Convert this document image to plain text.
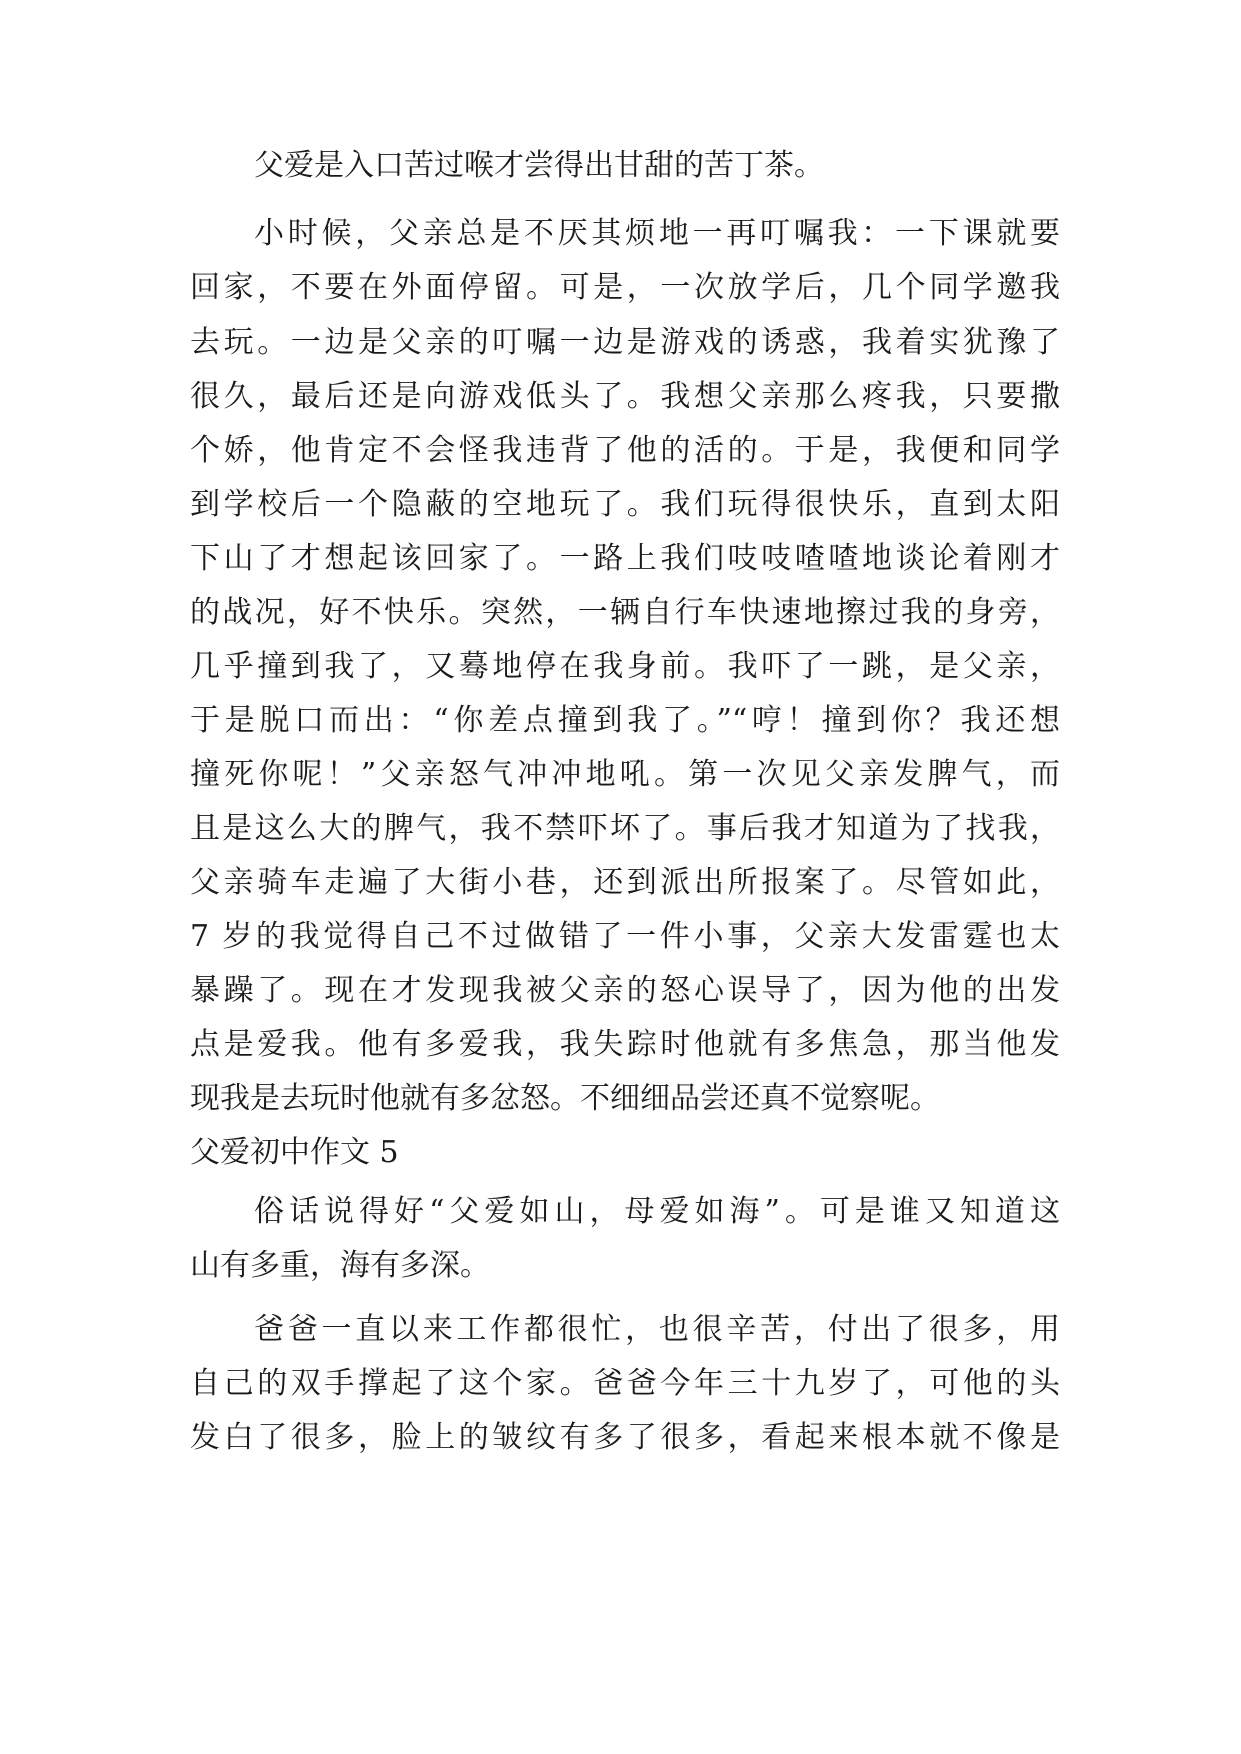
父爱是入口苦过喉才尝得出甘甜的苦丁茶。
小时候，父亲总是不厌其烦地一再叮嘱我：一下课就要
回家，不要在外面停留。可是，一次放学后，几个同学邀我
去玩。一边是父亲的叮嘱一边是游戏的诱惑，我着实犹豫了
很久，最后还是向游戏低头了。我想父亲那么疼我，只要撒
个娇，他肯定不会怪我违背了他的活的。于是，我便和同学
到学校后一个隐蔽的空地玩了。我们玩得很快乐，直到太阳
下山了才想起该回家了。一路上我们吱吱喳喳地谈论着刚才
的战况，好不快乐。突然，一辆自行车快速地擦过我的身旁，
几乎撞到我了，又蓦地停在我身前。我吓了一跳，是父亲，
于是脱口而出：“你差点撞到我了。”“哼！撞到你？我还想
撞死你呢！”父亲怒气冲冲地吼。第一次见父亲发脾气，而
且是这么大的脾气，我不禁吓坏了。事后我才知道为了找我，
父亲骑车走遍了大街小巷，还到派出所报案了。尽管如此，
7 岁的我觉得自己不过做错了一件小事，父亲大发雷霆也太
暴躁了。现在才发现我被父亲的怒心误导了，因为他的出发
点是爱我。他有多爱我，我失踪时他就有多焦急，那当他发
现我是去玩时他就有多忿怒。不细细品尝还真不觉察呢。
父爱初中作文 5
俗话说得好“父爱如山，母爱如海”。可是谁又知道这
山有多重，海有多深。
爸爸一直以来工作都很忙，也很辛苦，付出了很多，用
自己的双手撑起了这个家。爸爸今年三十九岁了，可他的头
发白了很多，脸上的皱纹有多了很多，看起来根本就不像是
